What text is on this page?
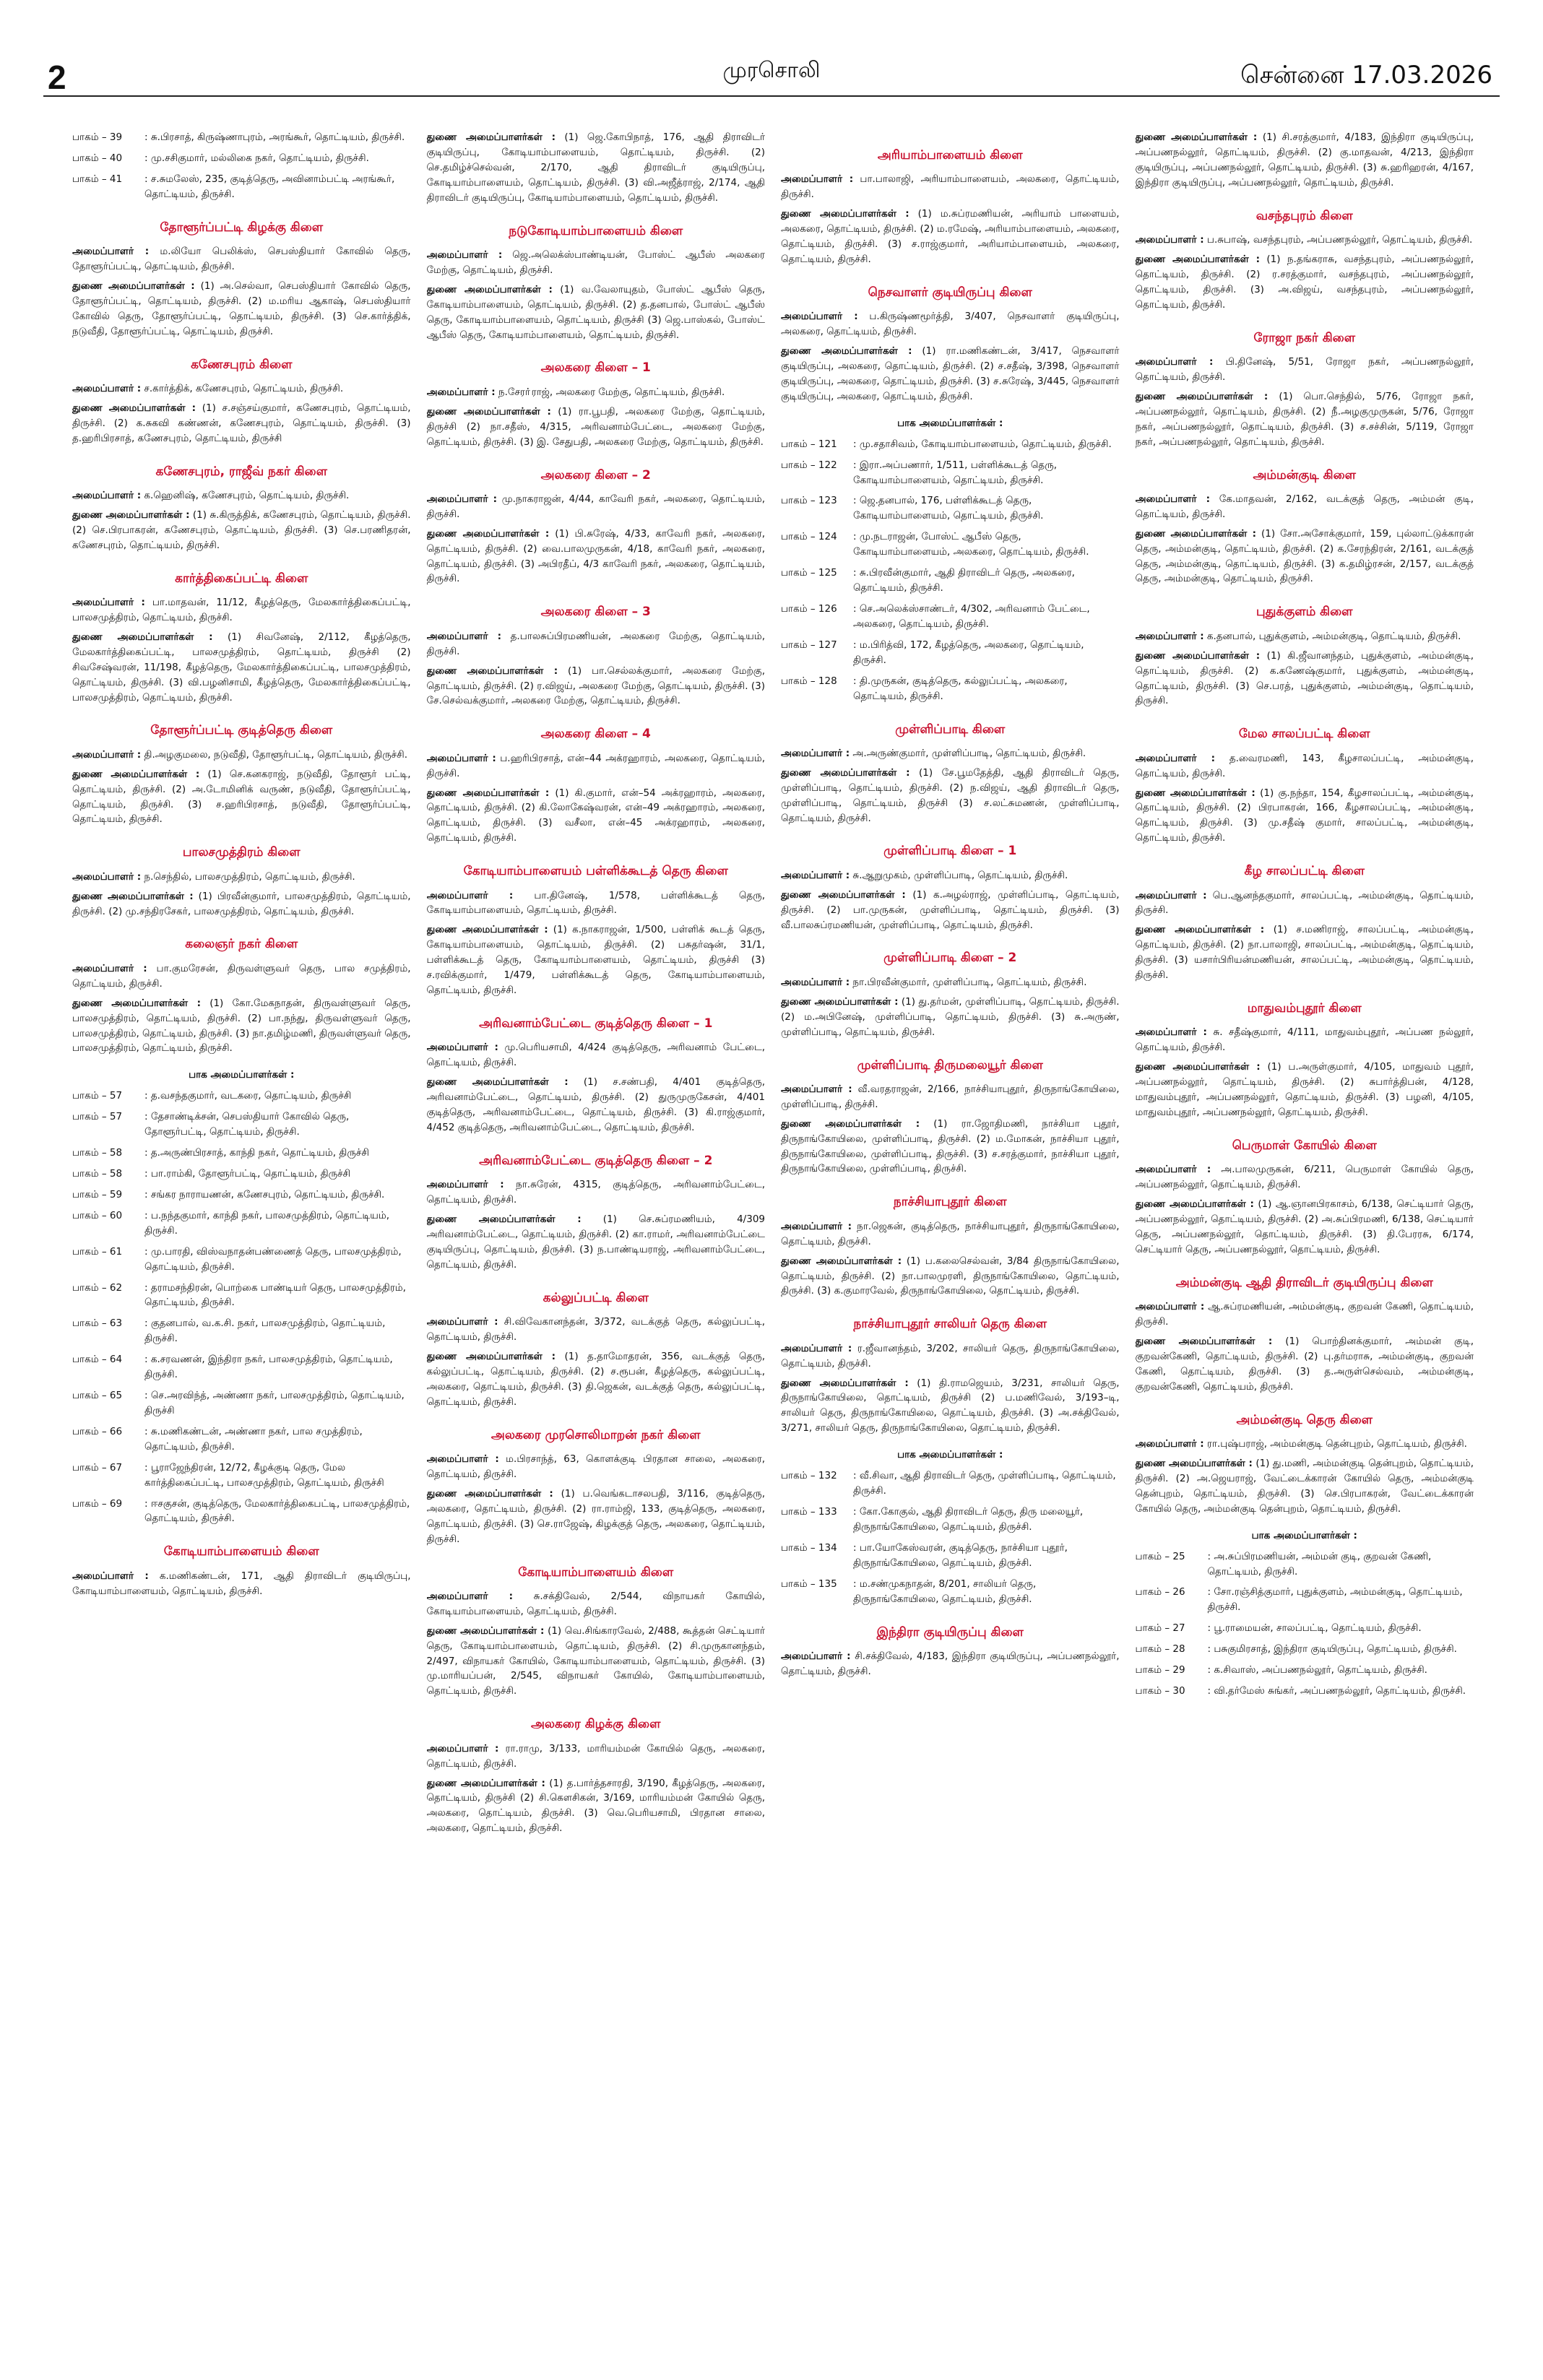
2	முரசொலி	சென்னை 17.03.2026
பாகம் – 39	: சு.பிரசாத், கிருஷ்ணாபுரம், அரங்கூர், தொட்டியம், திருச்சி.
பாகம் – 40	: மு.சசிகுமார், மல்லிகை நகர், தொட்டியம், திருச்சி.
பாகம் – 41	: ச.சுமலேஸ், 235, குடித்தெரு, அவினாம்பட்டி அரங்கூர், தொட்டியம், திருச்சி.
தோளூர்ப்பட்டி கிழக்கு கிளை

அமைப்பாளர் : ம.லியோ பெலிக்ஸ், செபஸ்தியார் கோவில் தெரு, தோளூர்ப்பட்டி, தொட்டியம், திருச்சி.

துணை அமைப்பாளர்கள் : (1) அ.செல்வா, செபஸ்தியார் கோவில் தெரு, தோளூர்ப்பட்டி, தொட்டியம், திருச்சி. (2) ம.மரிய ஆகாஷ், செபஸ்தியார் கோவில் தெரு, தோளூர்ப்பட்டி, தொட்டியம், திருச்சி. (3) செ.கார்த்திக், நடுவீதி, தோளூர்ப்பட்டி, தொட்டியம், திருச்சி.

கணேசபுரம் கிளை

அமைப்பாளர் : ச.கார்த்திக், கணேசபுரம், தொட்டியம், திருச்சி.

துணை அமைப்பாளர்கள் : (1) ச.சஞ்சய்குமார், கணேசபுரம், தொட்டியம், திருச்சி. (2) க.சுகவி கண்ணன், கணேசபுரம், தொட்டியம், திருச்சி. (3) த.ஹரிபிரசாத், கணேசபுரம், தொட்டியம், திருச்சி

கணேசபுரம், ராஜீவ் நகர் கிளை

அமைப்பாளர் : க.ஹெனிஷ், கணேசபுரம், தொட்டியம், திருச்சி.

துணை அமைப்பாளர்கள் : (1) சு.கிருத்திக், கணேசபுரம், தொட்டியம், திருச்சி. (2) செ.பிரபாகரன், கணேசபுரம், தொட்டியம், திருச்சி. (3) செ.பரணிதரன், கணேசபுரம், தொட்டியம், திருச்சி.

கார்த்திகைப்பட்டி கிளை

அமைப்பாளர் : பா.மாதவன், 11/12, கீழத்தெரு, மேலகார்த்திகைப்பட்டி, பாலசமுத்திரம், தொட்டியம், திருச்சி.

துணை அமைப்பாளர்கள் : (1) சிவனேஷ், 2/112, கீழத்தெரு, மேலகார்த்திகைப்பட்டி, பாலசமுத்திரம், தொட்டியம், திருச்சி (2) சிவசேஷ்வரன், 11/198, கீழத்தெரு, மேலகார்த்திகைப்பட்டி, பாலசமுத்திரம், தொட்டியம், திருச்சி. (3) வி.பழனிசாமி, கீழத்தெரு, மேலகார்த்திகைப்பட்டி, பாலசமுத்திரம், தொட்டியம், திருச்சி.

தோளூர்ப்பட்டி குடித்தெரு கிளை

அமைப்பாளர் : தி.அழகுமலை, நடுவீதி, தோளூர்பட்டி, தொட்டியம், திருச்சி.

துணை அமைப்பாளர்கள் : (1) செ.கனகராஜ், நடுவீதி, தோளூர் பட்டி, தொட்டியம், திருச்சி. (2) அ.டோமினிக் வருண், நடுவீதி, தோளூர்ப்பட்டி, தொட்டியம், திருச்சி. (3) ச.ஹரிபிரசாத், நடுவீதி, தோளூர்ப்பட்டி, தொட்டியம், திருச்சி.

பாலசமுத்திரம் கிளை

அமைப்பாளர் : ந.செந்தில், பாலசமுத்திரம், தொட்டியம், திருச்சி.

துணை அமைப்பாளர்கள் : (1) பிரவீன்குமார், பாலசமுத்திரம், தொட்டியம், திருச்சி. (2) மு.சந்திரசேகர், பாலசமுத்திரம், தொட்டியம், திருச்சி.

கலைஞர் நகர் கிளை

அமைப்பாளர் : பா.குமரேசன், திருவள்ளுவர் தெரு, பால சமுத்திரம், தொட்டியம், திருச்சி.

துணை அமைப்பாளர்கள் : (1) கோ.மேகநாதன், திருவள்ளுவர் தெரு, பாலசமுத்திரம், தொட்டியம், திருச்சி. (2) பா.நந்து, திருவள்ளுவர் தெரு, பாலசமுத்திரம், தொட்டியம், திருச்சி. (3) நா.தமிழ்மணி, திருவள்ளுவர் தெரு, பாலசமுத்திரம், தொட்டியம், திருச்சி.

பாக அமைப்பாளர்கள் :
பாகம் – 57	: த.வசந்தகுமார், வடகரை, தொட்டியம், திருச்சி
பாகம் – 57	: தேசாண்டிக்சன், செபஸ்தியார் கோவில் தெரு, தோளூர்பட்டி, தொட்டியம், திருச்சி.
பாகம் – 58	: த.அருண்பிரசாத், காந்தி நகர், தொட்டியம், திருச்சி
பாகம் – 58	: பா.ராம்கி, தோளூர்பட்டி, தொட்டியம், திருச்சி
பாகம் – 59	: சங்கர நாராயணன், கணேசபுரம், தொட்டியம், திருச்சி.
பாகம் – 60	: ப.நந்தகுமார், காந்தி நகர், பாலசமுத்திரம், தொட்டியம், திருச்சி.
பாகம் – 61	: மு.பாரதி, விஸ்வநாதன்பண்ணைத் தெரு, பாலசமுத்திரம், தொட்டியம், திருச்சி.
பாகம் – 62	: தராமசந்திரன், பொற்கை பாண்டியர் தெரு, பாலசமுத்திரம், தொட்டியம், திருச்சி.
பாகம் – 63	: குதனபால், வ.க.சி. நகர், பாலசமுத்திரம், தொட்டியம், திருச்சி.
பாகம் – 64	: க.சரவணன், இந்திரா நகர், பாலசமுத்திரம், தொட்டியம், திருச்சி.
பாகம் – 65	: செ.அரவிந்த், அண்ணா நகர், பாலசமுத்திரம், தொட்டியம், திருச்சி
பாகம் – 66	: சு.மணிகண்டன், அண்ணா நகர், பால சமுத்திரம், தொட்டியம், திருச்சி.
பாகம் – 67	: பூராஜேந்திரன், 12/72, கீழக்குடி தெரு, மேல கார்த்திகைப்பட்டி, பாலசமுத்திரம், தொட்டியம், திருச்சி
பாகம் – 69	: ஈசகுசன், குடித்தெரு, மேலகார்த்திகைபட்டி, பாலசமுத்திரம், தொட்டியம், திருச்சி.
கோடியாம்பாளையம் கிளை

அமைப்பாளர் : க.மணிகண்டன், 171, ஆதி திராவிடர் குடியிருப்பு, கோடியாம்பாளையம், தொட்டியம், திருச்சி.

துணை அமைப்பாளர்கள் : (1) ஜெ.கோபிநாத், 176, ஆதி திராவிடர் குடியிருப்பு, கோடியாம்பாளையம், தொட்டியம், திருச்சி. (2) செ.தமிழ்ச்செல்வன், 2/170, ஆதி திராவிடர் குடியிருப்பு, கோடியாம்பாளையம், தொட்டியம், திருச்சி. (3) வி.அஜீத்ராஜ், 2/174, ஆதி திராவிடர் குடியிருப்பு, கோடியாம்பாளையம், தொட்டியம், திருச்சி.

நடுகோடியாம்பாளையம் கிளை

அமைப்பாளர் : ஜெ.அலெக்ஸ்பாண்டியன், போஸ்ட் ஆபீஸ் அலகரை மேற்கு, தொட்டியம், திருச்சி.

துணை அமைப்பாளர்கள் : (1) வ.வேலாயுதம், போஸ்ட் ஆபீஸ் தெரு, கோடியாம்பாளையம், தொட்டியம், திருச்சி. (2) த.தனபால், போஸ்ட் ஆபீஸ் தெரு, கோடியாம்பாளையம், தொட்டியம், திருச்சி (3) ஜெ.பாஸ்கல், போஸ்ட் ஆபீஸ் தெரு, கோடியாம்பாளையம், தொட்டியம், திருச்சி.

அலகரை கிளை – 1

அமைப்பாளர் : ந.சேரா்ராஜ், அலகரை மேற்கு, தொட்டியம், திருச்சி.

துணை அமைப்பாளர்கள் : (1) ரா.பூபதி, அலகரை மேற்கு, தொட்டியம், திருச்சி (2) நா.சதீஸ், 4/315, அரிவனாம்பேட்டை, அலகரை மேற்கு, தொட்டியம், திருச்சி. (3) இ. சேதுபதி, அலகரை மேற்கு, தொட்டியம், திருச்சி.

அலகரை கிளை – 2

அமைப்பாளர் : மு.நாகராஜன், 4/44, காவேரி நகர், அலகரை, தொட்டியம், திருச்சி.

துணை அமைப்பாளர்கள் : (1) பி.சுரேஷ், 4/33, காவேரி நகர், அலகரை, தொட்டியம், திருச்சி. (2) வை.பாலமுருகன், 4/18, காவேரி நகர், அலகரை, தொட்டியம், திருச்சி. (3) அபிரதீப், 4/3 காவேரி நகர், அலகரை, தொட்டியம், திருச்சி.

அலகரை கிளை – 3

அமைப்பாளர் : த.பாலசுப்பிரமணியன், அலகரை மேற்கு, தொட்டியம், திருச்சி.

துணை அமைப்பாளர்கள் : (1) பா.செல்லக்குமார், அலகரை மேற்கு, தொட்டியம், திருச்சி. (2) ர.விஜய், அலகரை மேற்கு, தொட்டியம், திருச்சி. (3) சே.செல்வக்குமார், அலகரை மேற்கு, தொட்டியம், திருச்சி.

அலகரை கிளை – 4

அமைப்பாளர் : ப.ஹரிபிரசாத், என்–44 அக்ரஹாரம், அலகரை, தொட்டியம், திருச்சி.

துணை அமைப்பாளர்கள் : (1) கி.குமார், என்–54 அக்ரஹாரம், அலகரை, தொட்டியம், திருச்சி. (2) கி.லோகேஷ்வரன், என்–49 அக்ரஹாரம், அலகரை, தொட்டியம், திருச்சி. (3) வசீலா, என்–45 அக்ரஹாரம், அலகரை, தொட்டியம், திருச்சி.

கோடியாம்பாளையம் பள்ளிக்கூடத் தெரு கிளை

அமைப்பாளர் : பா.தினேஷ், 1/578, பள்ளிக்கூடத் தெரு, கோடியாம்பாளையம், தொட்டியம், திருச்சி.

துணை அமைப்பாளர்கள் : (1) க.நாகராஜன், 1/500, பள்ளிக் கூடத் தெரு, கோடியாம்பாளையம், தொட்டியம், திருச்சி. (2) பசுதர்ஷன், 31/1, பள்ளிக்கூடத் தெரு, கோடியாம்பாளையம், தொட்டியம், திருச்சி (3) ச.ரவிக்குமார், 1/479, பள்ளிக்கூடத் தெரு, கோடியாம்பாளையம், தொட்டியம், திருச்சி.

அரிவனாம்பேட்டை குடித்தெரு கிளை – 1

அமைப்பாளர் : மு.பெரியசாமி, 4/424 குடித்தெரு, அரிவனாம் பேட்டை, தொட்டியம், திருச்சி.

துணை அமைப்பாளர்கள் : (1) ச.சண்பதி, 4/401 குடித்தெரு, அரிவனாம்பேட்டை, தொட்டியம், திருச்சி. (2) துருமுருகேசன், 4/401 குடித்தெரு, அரிவனாம்பேட்டை, தொட்டியம், திருச்சி. (3) கி.ராஜ்குமார், 4/452 குடித்தெரு, அரிவனாம்பேட்டை, தொட்டியம், திருச்சி.

அரிவனாம்பேட்டை குடித்தெரு கிளை – 2

அமைப்பாளர் : நா.சுரேன், 4315, குடித்தெரு, அரிவனாம்பேட்டை, தொட்டியம், திருச்சி.

துணை அமைப்பாளர்கள் : (1) செ.சுப்ரமணியம், 4/309 அரிவனாம்பேட்டை, தொட்டியம், திருச்சி. (2) கா.ராமர், அரிவனாம்பேட்டை குடியிருப்பு, தொட்டியம், திருச்சி. (3) ந.பாண்டியராஜ், அரிவனாம்பேட்டை, தொட்டியம், திருச்சி.

கல்லுப்பட்டி கிளை

அமைப்பாளர் : சி.விவேகானந்தன், 3/372, வடக்குத் தெரு, கல்லுப்பட்டி, தொட்டியம், திருச்சி.

துணை அமைப்பாளர்கள் : (1) த.தாமோதரன், 356, வடக்குத் தெரு, கல்லுப்பட்டி, தொட்டியம், திருச்சி. (2) ச.ரூபன், கீழத்தெரு, கல்லுப்பட்டி, அலகரை, தொட்டியம், திருச்சி. (3) தி.ஜெகன், வடக்குத் தெரு, கல்லுப்பட்டி, தொட்டியம், திருச்சி.

அலகரை முரசொலிமாறன் நகர் கிளை

அமைப்பாளர் : ம.பிரசாந்த், 63, கொளக்குடி பிரதான சாலை, அலகரை, தொட்டியம், திருச்சி.

துணை அமைப்பாளர்கள் : (1) ப.வெங்கடாசலபதி, 3/116, குடித்தெரு, அலகரை, தொட்டியம், திருச்சி. (2) ரா.ராம்ஜி, 133, குடித்தெரு, அலகரை, தொட்டியம், திருச்சி. (3) செ.ராஜேஷ், கிழக்குத் தெரு, அலகரை, தொட்டியம், திருச்சி.

கோடியாம்பாளையம் கிளை

அமைப்பாளர் : சு.சக்திவேல், 2/544, விநாயகர் கோயில், கோடியாம்பாளையம், தொட்டியம், திருச்சி.

துணை அமைப்பாளர்கள் : (1) வெ.சிங்காரவேல், 2/488, கூத்தன் செட்டியார் தெரு, கோடியாம்பாளையம், தொட்டியம், திருச்சி. (2) சி.முருகானந்தம், 2/497, விநாயகர் கோயில், கோடியாம்பாளையம், தொட்டியம், திருச்சி. (3) மு.மாரியப்பன், 2/545, விநாயகர் கோயில், கோடியாம்பாளையம், தொட்டியம், திருச்சி.

அலகரை கிழக்கு கிளை

அமைப்பாளர் : ரா.ராமு, 3/133, மாரியம்மன் கோயில் தெரு, அலகரை, தொட்டியம், திருச்சி.

துணை அமைப்பாளர்கள் : (1) த.பார்த்தசாரதி, 3/190, கீழத்தெரு, அலகரை, தொட்டியம், திருச்சி (2) சி.கௌசிகன், 3/169, மாரியம்மன் கோயில் தெரு, அலகரை, தொட்டியம், திருச்சி. (3) வெ.பெரியசாமி, பிரதான சாலை, அலகரை, தொட்டியம், திருச்சி.

அரியாம்பாளையம் கிளை

அமைப்பாளர் : பா.பாலாஜி, அரியாம்பாளையம், அலகரை, தொட்டியம், திருச்சி.

துணை அமைப்பாளர்கள் : (1) ம.சுப்ரமணியன், அரியாம் பாளையம், அலகரை, தொட்டியம், திருச்சி. (2) ம.ரமேஷ், அரியாம்பாளையம், அலகரை, தொட்டியம், திருச்சி. (3) ச.ராஜ்குமார், அரியாம்பாளையம், அலகரை, தொட்டியம், திருச்சி.

நெசவாளர் குடியிருப்பு கிளை

அமைப்பாளர் : ப.கிருஷ்ணமூர்த்தி, 3/407, நெசவாளர் குடியிருப்பு, அலகரை, தொட்டியம், திருச்சி.

துணை அமைப்பாளர்கள் : (1) ரா.மணிகண்டன், 3/417, நெசவாளர் குடியிருப்பு, அலகரை, தொட்டியம், திருச்சி. (2) ச.சதீஷ், 3/398, நெசவாளர் குடியிருப்பு, அலகரை, தொட்டியம், திருச்சி. (3) ச.சுரேஷ், 3/445, நெசவாளர் குடியிருப்பு, அலகரை, தொட்டியம், திருச்சி.

பாக அமைப்பாளர்கள் :
பாகம் – 121	: மு.சதாசிவம், கோடியாம்பாளையம், தொட்டியம், திருச்சி.
பாகம் – 122	: இரா.அப்பணார், 1/511, பள்ளிக்கூடத் தெரு, கோடியாம்பாளையம், தொட்டியம், திருச்சி.
பாகம் – 123	: ஜெ.தனபால், 176, பள்ளிக்கூடத் தெரு, கோடியாம்பாளையம், தொட்டியம், திருச்சி.
பாகம் – 124	: மு.நடராஜன், போஸ்ட் ஆபீஸ் தெரு, கோடியாம்பாளையம், அலகரை, தொட்டியம், திருச்சி.
பாகம் – 125	: சு.பிரவீன்குமார், ஆதி திராவிடர் தெரு, அலகரை, தொட்டியம், திருச்சி.
பாகம் – 126	: செ.அலெக்ஸ்சாண்டர், 4/302, அரிவனாம் பேட்டை, அலகரை, தொட்டியம், திருச்சி.
பாகம் – 127	: ம.பிரித்வி, 172, கீழத்தெரு, அலகரை, தொட்டியம், திருச்சி.
பாகம் – 128	: தி.முருகன், குடித்தெரு, கல்லுப்பட்டி, அலகரை, தொட்டியம், திருச்சி.
முள்ளிப்பாடி கிளை

அமைப்பாளர் : அ.அருண்குமார், முள்ளிப்பாடி, தொட்டியம், திருச்சி.

துணை அமைப்பாளர்கள் : (1) சே.பூமதேத்தி, ஆதி திராவிடர் தெரு, முள்ளிப்பாடி, தொட்டியம், திருச்சி. (2) ந.விஜய், ஆதி திராவிடர் தெரு, முள்ளிப்பாடி, தொட்டியம், திருச்சி (3) ச.லட்சுமணன், முள்ளிப்பாடி, தொட்டியம், திருச்சி.

முள்ளிப்பாடி கிளை – 1

அமைப்பாளர் : சு.ஆறுமுகம், முள்ளிப்பாடி, தொட்டியம், திருச்சி.

துணை அமைப்பாளர்கள் : (1) க.அழல்ராஜ், முள்ளிப்பாடி, தொட்டியம், திருச்சி. (2) பா.முருகன், முள்ளிப்பாடி, தொட்டியம், திருச்சி. (3) வீ.பாலசுப்ரமணியன், முள்ளிப்பாடி, தொட்டியம், திருச்சி.

முள்ளிப்பாடி கிளை – 2

அமைப்பாளர் : நா.பிரவீன்குமார், முள்ளிப்பாடி, தொட்டியம், திருச்சி.

துணை அமைப்பாளர்கள் : (1) து.தர்மன், முள்ளிப்பாடி, தொட்டியம், திருச்சி. (2) ம.அபினேஷ், முள்ளிப்பாடி, தொட்டியம், திருச்சி. (3) சு.அருண், முள்ளிப்பாடி, தொட்டியம், திருச்சி.

முள்ளிப்பாடி திருமலையூர் கிளை

அமைப்பாளர் : வீ.வரதராஜன், 2/166, நாச்சியாபுதூர், திருநாங்கோயிலை, முள்ளிப்பாடி, திருச்சி.

துணை அமைப்பாளர்கள் : (1) ரா.ஜோதிமணி, நாச்சியா புதூர், திருநாங்கோயிலை, முள்ளிப்பாடி, திருச்சி. (2) ம.மோகன், நாச்சியா புதூர், திருநாங்கோயிலை, முள்ளிப்பாடி, திருச்சி. (3) ச.சரத்குமார், நாச்சியா புதூர், திருநாங்கோயிலை, முள்ளிப்பாடி, திருச்சி.

நாச்சியாபுதூர் கிளை

அமைப்பாளர் : நா.ஜெகன், குடித்தெரு, நாச்சியாபுதூர், திருநாங்கோயிலை, தொட்டியம், திருச்சி.

துணை அமைப்பாளர்கள் : (1) ப.கலைசெல்வன், 3/84 திருநாங்கோயிலை, தொட்டியம், திருச்சி. (2) நா.பாலமுரளி, திருநாங்கோயிலை, தொட்டியம், திருச்சி. (3) க.குமாரவேல், திருநாங்கோயிலை, தொட்டியம், திருச்சி.

நாச்சியாபுதூர் சாலியர் தெரு கிளை

அமைப்பாளர் : ர.ஜீவானந்தம், 3/202, சாலியர் தெரு, திருநாங்கோயிலை, தொட்டியம், திருச்சி.

துணை அமைப்பாளர்கள் : (1) தி.ராமஜெயம், 3/231, சாலியர் தெரு, திருநாங்கோயிலை, தொட்டியம், திருச்சி (2) ப.மணிவேல், 3/193–டி, சாலியர் தெரு, திருநாங்கோயிலை, தொட்டியம், திருச்சி. (3) அ.சக்திவேல், 3/271, சாலியர் தெரு, திருநாங்கோயிலை, தொட்டியம், திருச்சி.

பாக அமைப்பாளர்கள் :
பாகம் – 132	: வீ.சிவா, ஆதி திராவிடர் தெரு, முள்ளிப்பாடி, தொட்டியம், திருச்சி.
பாகம் – 133	: கோ.கோகுல், ஆதி திராவிடர் தெரு, திரு மலையூர், திருநாங்கோயிலை, தொட்டியம், திருச்சி.
பாகம் – 134	: பா.யோகேஸ்வரன், குடித்தெரு, நாச்சியா புதூர், திருநாங்கோயிலை, தொட்டியம், திருச்சி.
பாகம் – 135	: ம.சண்முகநாதன், 8/201, சாலியர் தெரு, திருநாங்கோயிலை, தொட்டியம், திருச்சி.
இந்திரா குடியிருப்பு கிளை

அமைப்பாளர் : சி.சக்திவேல், 4/183, இந்திரா குடியிருப்பு, அப்பணநல்லூர், தொட்டியம், திருச்சி.

துணை அமைப்பாளர்கள் : (1) சி.சரத்குமார், 4/183, இந்திரா குடியிருப்பு, அப்பணநல்லூர், தொட்டியம், திருச்சி. (2) கு.மாதவன், 4/213, இந்திரா குடியிருப்பு, அப்பணநல்லூர், தொட்டியம், திருச்சி. (3) சு.ஹரிஹரன், 4/167, இந்திரா குடியிருப்பு, அப்பணநல்லூர், தொட்டியம், திருச்சி.

வசந்தபுரம் கிளை

அமைப்பாளர் : ப.சுபாஷ், வசந்தபுரம், அப்பணநல்லூர், தொட்டியம், திருச்சி.

துணை அமைப்பாளர்கள் : (1) ந.தங்கராசு, வசந்தபுரம், அப்பணநல்லூர், தொட்டியம், திருச்சி. (2) ர.சரத்குமார், வசந்தபுரம், அப்பணநல்லூர், தொட்டியம், திருச்சி. (3) அ.விஜய், வசந்தபுரம், அப்பணநல்லூர், தொட்டியம், திருச்சி.

ரோஜா நகர் கிளை

அமைப்பாளர் : பி.தினேஷ், 5/51, ரோஜா நகர், அப்பணநல்லூர், தொட்டியம், திருச்சி.

துணை அமைப்பாளர்கள் : (1) பொ.செந்தில், 5/76, ரோஜா நகர், அப்பணநல்லூர், தொட்டியம், திருச்சி. (2) நீ.அழகுமுருகன், 5/76, ரோஜா நகர், அப்பணநல்லூர், தொட்டியம், திருச்சி. (3) ச.சச்சின், 5/119, ரோஜா நகர், அப்பணநல்லூர், தொட்டியம், திருச்சி.

அம்மன்குடி கிளை

அமைப்பாளர் : கே.மாதவன், 2/162, வடக்குத் தெரு, அம்மன் குடி, தொட்டியம், திருச்சி.

துணை அமைப்பாளர்கள் : (1) சோ.அசோக்குமார், 159, புல்லாட்டுக்காரன் தெரு, அம்மன்குடி, தொட்டியம், திருச்சி. (2) க.சேரந்திரன், 2/161, வடக்குத் தெரு, அம்மன்குடி, தொட்டியம், திருச்சி. (3) க.தமிழ்ரசன், 2/157, வடக்குத் தெரு, அம்மன்குடி, தொட்டியம், திருச்சி.

புதுக்குளம் கிளை

அமைப்பாளர் : க.தனபால், புதுக்குளம், அம்மன்குடி, தொட்டியம், திருச்சி.

துணை அமைப்பாளர்கள் : (1) கி.ஜீவானந்தம், புதுக்குளம், அம்மன்குடி, தொட்டியம், திருச்சி. (2) க.கணேஷ்குமார், புதுக்குளம், அம்மன்குடி, தொட்டியம், திருச்சி. (3) செ.பரத், புதுக்குளம், அம்மன்குடி, தொட்டியம், திருச்சி.

மேல சாலப்பட்டி கிளை

அமைப்பாளர் : த.வைரமணி, 143, கீழசாலப்பட்டி, அம்மன்குடி, தொட்டியம், திருச்சி.

துணை அமைப்பாளர்கள் : (1) கு.நந்தா, 154, கீழசாலப்பட்டி, அம்மன்குடி, தொட்டியம், திருச்சி. (2) பிரபாகரன், 166, கீழசாலப்பட்டி, அம்மன்குடி, தொட்டியம், திருச்சி. (3) மு.சதீஷ் குமார், சாலப்பட்டி, அம்மன்குடி, தொட்டியம், திருச்சி.

கீழ சாலப்பட்டி கிளை

அமைப்பாளர் : பெ.ஆனந்தகுமார், சாலப்பட்டி, அம்மன்குடி, தொட்டியம், திருச்சி.

துணை அமைப்பாளர்கள் : (1) ச.மணிராஜ், சாலப்பட்டி, அம்மன்குடி, தொட்டியம், திருச்சி. (2) நா.பாலாஜி, சாலப்பட்டி, அம்மன்குடி, தொட்டியம், திருச்சி. (3) யசார்பிரியன்மணியன், சாலப்பட்டி, அம்மன்குடி, தொட்டியம், திருச்சி.

மாதுவம்புதூர் கிளை

அமைப்பாளர் : சு. சதீஷ்குமார், 4/111, மாதுவம்புதூர், அப்பண நல்லூர், தொட்டியம், திருச்சி.

துணை அமைப்பாளர்கள் : (1) ப.அருள்குமார், 4/105, மாதுவம் புதூர், அப்பணநல்லூர், தொட்டியம், திருச்சி. (2) சுபார்த்திபன், 4/128, மாதுவம்புதூர், அப்பணநல்லூர், தொட்டியம், திருச்சி. (3) பழனி, 4/105, மாதுவம்புதூர், அப்பணநல்லூர், தொட்டியம், திருச்சி.

பெருமாள் கோயில் கிளை

அமைப்பாளர் : அ.பாலமுருகன், 6/211, பெருமாள் கோயில் தெரு, அப்பணநல்லூர், தொட்டியம், திருச்சி.

துணை அமைப்பாளர்கள் : (1) ஆ.ஞானபிரகாசம், 6/138, செட்டியார் தெரு, அப்பணநல்லூர், தொட்டியம், திருச்சி. (2) அ.சுப்பிரமணி, 6/138, செட்டியார் தெரு, அப்பணநல்லூர், தொட்டியம், திருச்சி. (3) தி.பேரரசு, 6/174, செட்டியார் தெரு, அப்பணநல்லூர், தொட்டியம், திருச்சி.

அம்மன்குடி ஆதி திராவிடர் குடியிருப்பு கிளை

அமைப்பாளர் : ஆ.சுப்ரமணியன், அம்மன்குடி, குறவன் கேணி, தொட்டியம், திருச்சி.

துணை அமைப்பாளர்கள் : (1) பொற்தினக்குமார், அம்மன் குடி, குறவன்கேணி, தொட்டியம், திருச்சி. (2) பு.தர்மராசு, அம்மன்குடி, குறவன் கேணி, தொட்டியம், திருச்சி. (3) த.அருள்செல்வம், அம்மன்குடி, குறவன்கேணி, தொட்டியம், திருச்சி.

அம்மன்குடி தெரு கிளை

அமைப்பாளர் : ரா.புஷ்பராஜ், அம்மன்குடி தென்புறம், தொட்டியம், திருச்சி.

துணை அமைப்பாளர்கள் : (1) து.மணி, அம்மன்குடி தென்புறம், தொட்டியம், திருச்சி. (2) அ.ஜெயராஜ், வேட்டைக்காரன் கோயில் தெரு, அம்மன்குடி தென்புறம், தொட்டியம், திருச்சி. (3) செ.பிரபாகரன், வேட்டைக்காரன் கோயில் தெரு, அம்மன்குடி தென்புறம், தொட்டியம், திருச்சி.

பாக அமைப்பாளர்கள் :
பாகம் – 25	: அ.சுப்பிரமணியன், அம்மன் குடி, குறவன் கேணி, தொட்டியம், திருச்சி.
பாகம் – 26	: சோ.ரஞ்சித்குமார், புதுக்குளம், அம்மன்குடி, தொட்டியம், திருச்சி.
பாகம் – 27	: பூ.ராமையன், சாலப்பட்டி, தொட்டியம், திருச்சி.
பாகம் – 28	: பசுகுமிரசாத், இந்திரா குடியிருப்பு, தொட்டியம், திருச்சி.
பாகம் – 29	: க.சிவாஸ், அப்பணநல்லூர், தொட்டியம், திருச்சி.
பாகம் – 30	: வி.தர்மேஸ் சுங்கர், அப்பணநல்லூர், தொட்டியம், திருச்சி.
